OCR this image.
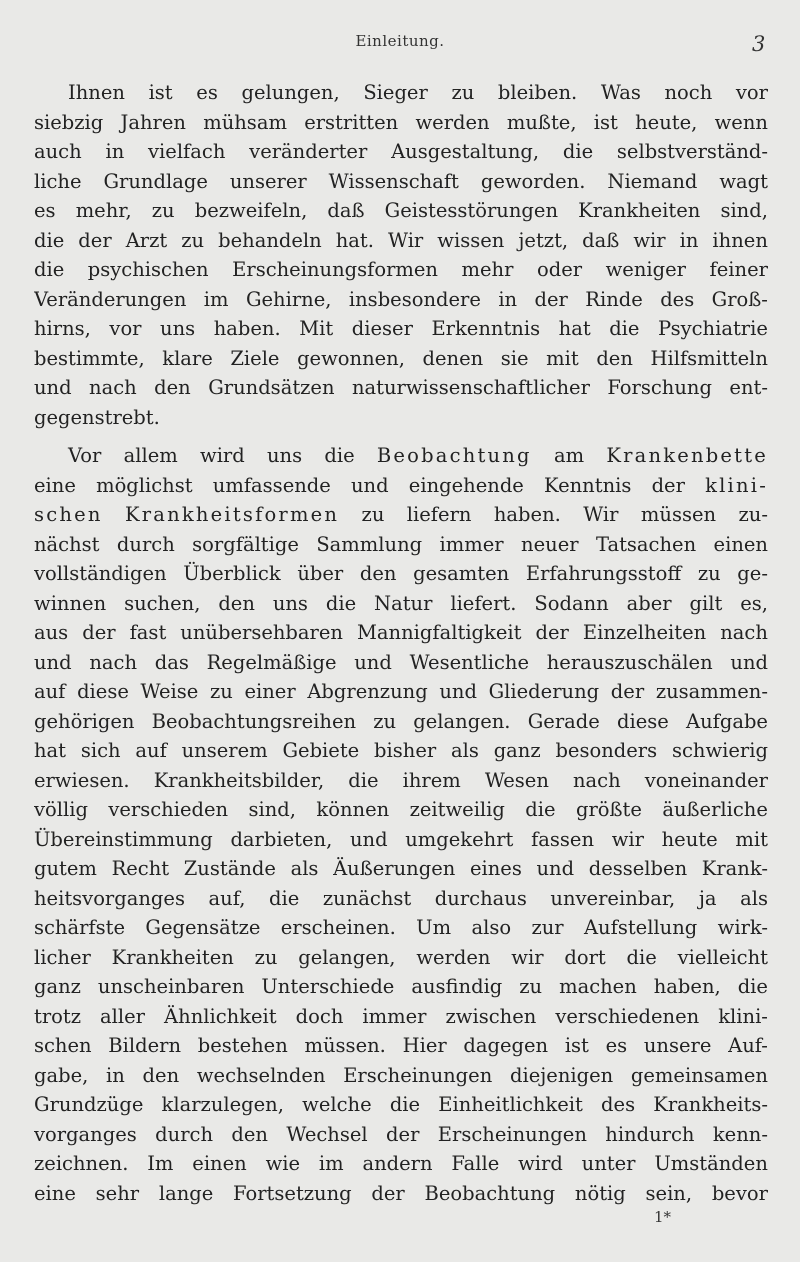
Einleitung.	3
Ihnen ist es gelungen, Sieger zu bleiben. Was noch vor
siebzig Jahren mühsam erstritten werden mußte, ist heute, wenn
auch in vielfach veränderter Ausgestaltung, die selbstverständ-
liche Grundlage unserer Wissenschaft geworden. Niemand wagt
es mehr, zu bezweifeln, daß Geistesstörungen Krankheiten sind,
die der Arzt zu behandeln hat. Wir wissen jetzt, daß wir in ihnen
die psychischen Erscheinungsformen mehr oder weniger feiner
Veränderungen im Gehirne, insbesondere in der Rinde des Groß-
hirns, vor uns haben. Mit dieser Erkenntnis hat die Psychiatrie
bestimmte, klare Ziele gewonnen, denen sie mit den Hilfsmitteln
und nach den Grundsätzen naturwissenschaftlicher Forschung ent-
gegenstrebt.
Vor allem wird uns die Beobachtung am Krankenbette
eine möglichst umfassende und eingehende Kenntnis der klini-
schen Krankheitsformen zu liefern haben. Wir müssen zu-
nächst durch sorgfältige Sammlung immer neuer Tatsachen einen
vollständigen Überblick über den gesamten Erfahrungsstoff zu ge-
winnen suchen, den uns die Natur liefert. Sodann aber gilt es,
aus der fast unübersehbaren Mannigfaltigkeit der Einzelheiten nach
und nach das Regelmäßige und Wesentliche herauszuschälen und
auf diese Weise zu einer Abgrenzung und Gliederung der zusammen-
gehörigen Beobachtungsreihen zu gelangen. Gerade diese Aufgabe
hat sich auf unserem Gebiete bisher als ganz besonders schwierig
erwiesen. Krankheitsbilder, die ihrem Wesen nach voneinander
völlig verschieden sind, können zeitweilig die größte äußerliche
Übereinstimmung darbieten, und umgekehrt fassen wir heute mit
gutem Recht Zustände als Äußerungen eines und desselben Krank-
heitsvorganges auf, die zunächst durchaus unvereinbar, ja als
schärfste Gegensätze erscheinen. Um also zur Aufstellung wirk-
licher Krankheiten zu gelangen, werden wir dort die vielleicht
ganz unscheinbaren Unterschiede ausfindig zu machen haben, die
trotz aller Ähnlichkeit doch immer zwischen verschiedenen klini-
schen Bildern bestehen müssen. Hier dagegen ist es unsere Auf-
gabe, in den wechselnden Erscheinungen diejenigen gemeinsamen
Grundzüge klarzulegen, welche die Einheitlichkeit des Krankheits-
vorganges durch den Wechsel der Erscheinungen hindurch kenn-
zeichnen. Im einen wie im andern Falle wird unter Umständen
eine sehr lange Fortsetzung der Beobachtung nötig sein, bevor
1*
